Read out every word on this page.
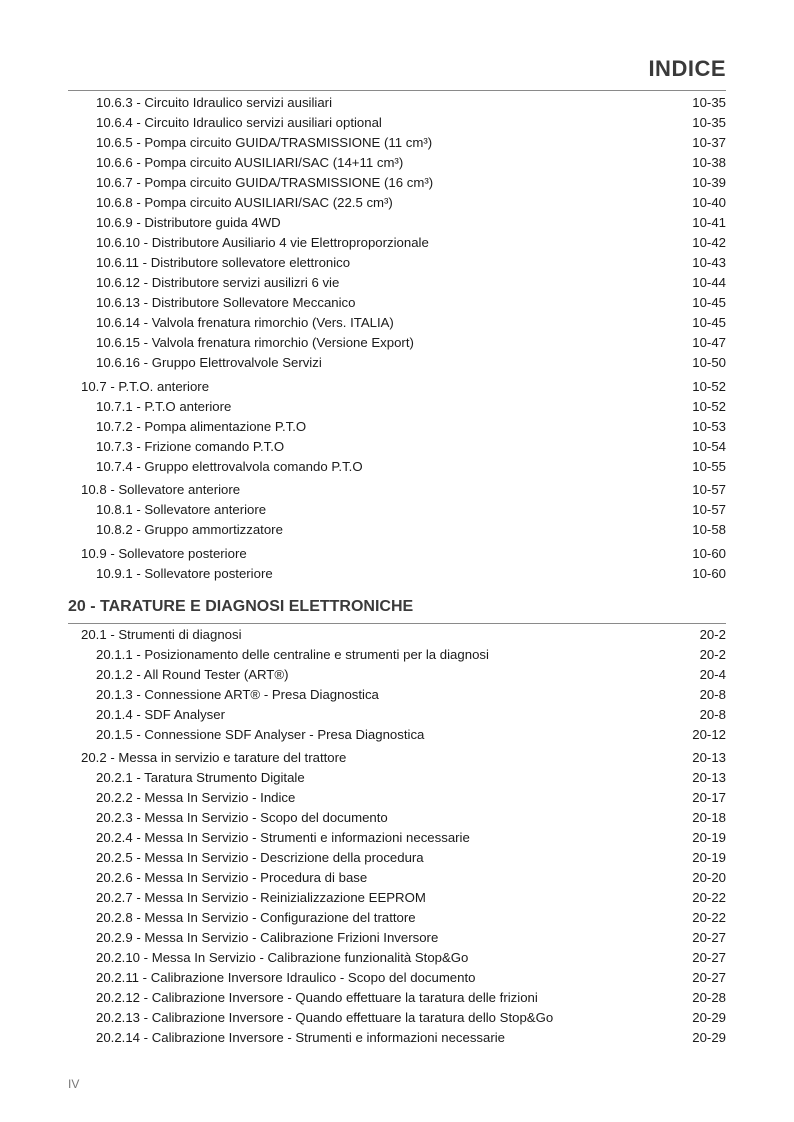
INDICE
10.6.3 - Circuito Idraulico servizi ausiliari	10-35
10.6.4 - Circuito Idraulico servizi ausiliari optional	10-35
10.6.5 - Pompa circuito GUIDA/TRASMISSIONE (11 cm³)	10-37
10.6.6 - Pompa circuito AUSILIARI/SAC (14+11 cm³)	10-38
10.6.7 - Pompa circuito GUIDA/TRASMISSIONE (16 cm³)	10-39
10.6.8 - Pompa circuito AUSILIARI/SAC (22.5 cm³)	10-40
10.6.9 - Distributore guida 4WD	10-41
10.6.10 - Distributore Ausiliario 4 vie Elettroproporzionale	10-42
10.6.11 - Distributore sollevatore elettronico	10-43
10.6.12 - Distributore servizi ausilizri 6 vie	10-44
10.6.13 - Distributore Sollevatore Meccanico	10-45
10.6.14 - Valvola frenatura rimorchio (Vers. ITALIA)	10-45
10.6.15 - Valvola frenatura rimorchio (Versione Export)	10-47
10.6.16 - Gruppo Elettrovalvole Servizi	10-50
10.7 - P.T.O. anteriore	10-52
10.7.1 - P.T.O anteriore	10-52
10.7.2 - Pompa alimentazione P.T.O	10-53
10.7.3 - Frizione comando P.T.O	10-54
10.7.4 - Gruppo elettrovalvola comando P.T.O	10-55
10.8 - Sollevatore anteriore	10-57
10.8.1 - Sollevatore anteriore	10-57
10.8.2 - Gruppo ammortizzatore	10-58
10.9 - Sollevatore posteriore	10-60
10.9.1 - Sollevatore posteriore	10-60
20 - TARATURE E DIAGNOSI ELETTRONICHE
20.1 - Strumenti di diagnosi	20-2
20.1.1 - Posizionamento delle centraline e strumenti per la diagnosi	20-2
20.1.2 - All Round Tester (ART®)	20-4
20.1.3 - Connessione ART® - Presa Diagnostica	20-8
20.1.4 - SDF Analyser	20-8
20.1.5 - Connessione SDF Analyser - Presa Diagnostica	20-12
20.2 - Messa in servizio e tarature del trattore	20-13
20.2.1 - Taratura Strumento Digitale	20-13
20.2.2 - Messa In Servizio - Indice	20-17
20.2.3 - Messa In Servizio - Scopo del documento	20-18
20.2.4 - Messa In Servizio - Strumenti e informazioni necessarie	20-19
20.2.5 - Messa In Servizio - Descrizione della procedura	20-19
20.2.6 - Messa In Servizio - Procedura di base	20-20
20.2.7 - Messa In Servizio - Reinizializzazione EEPROM	20-22
20.2.8 - Messa In Servizio - Configurazione del trattore	20-22
20.2.9 - Messa In Servizio - Calibrazione Frizioni Inversore	20-27
20.2.10 - Messa In Servizio - Calibrazione funzionalità Stop&Go	20-27
20.2.11 - Calibrazione Inversore Idraulico - Scopo del documento	20-27
20.2.12 - Calibrazione Inversore - Quando effettuare la taratura delle frizioni	20-28
20.2.13 - Calibrazione Inversore - Quando effettuare la taratura dello Stop&Go	20-29
20.2.14 - Calibrazione Inversore - Strumenti e informazioni necessarie	20-29
IV
